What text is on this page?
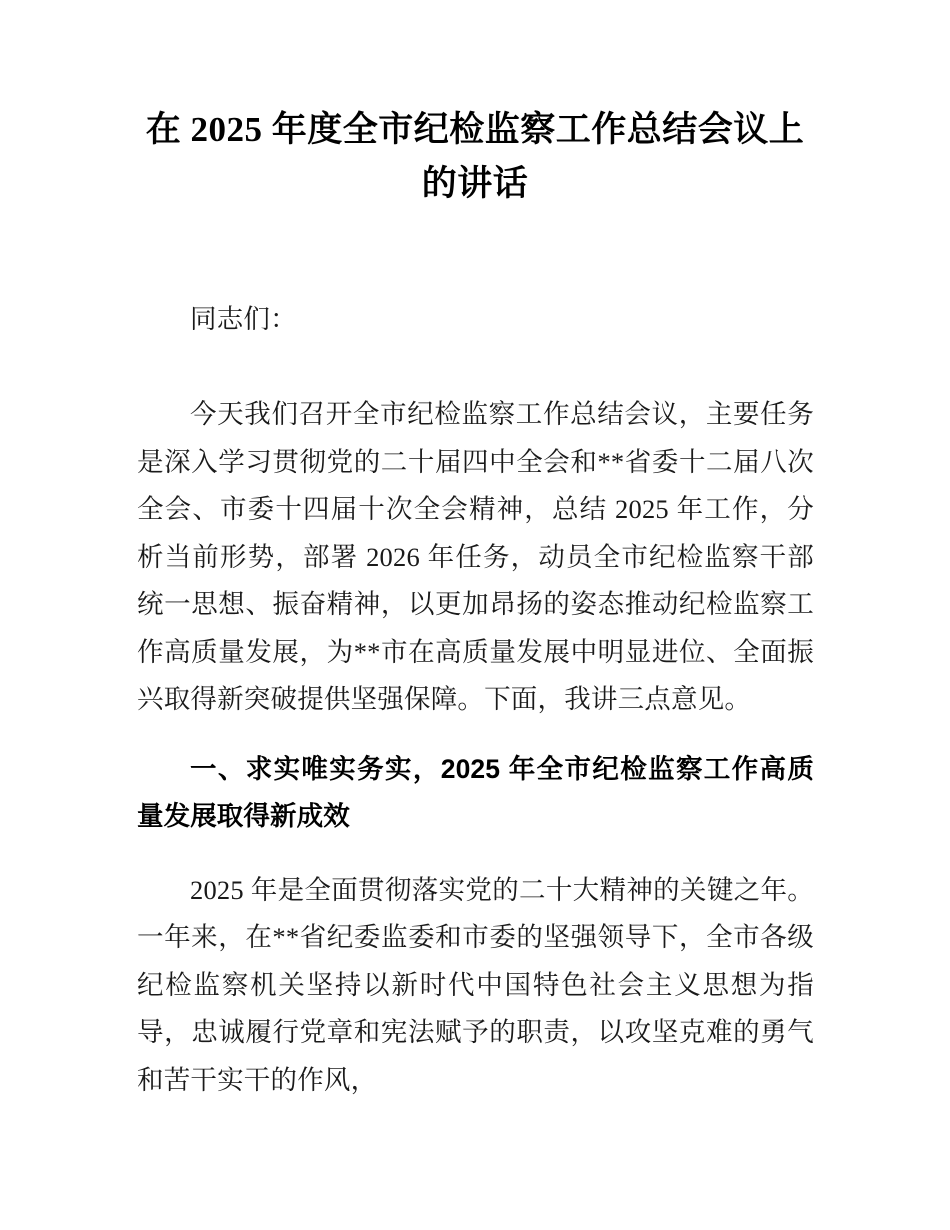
在 2025 年度全市纪检监察工作总结会议上的讲话

同志们：

今天我们召开全市纪检监察工作总结会议，主要任务是深入学习贯彻党的二十届四中全会和**省委十二届八次全会、市委十四届十次全会精神，总结 2025 年工作，分析当前形势，部署 2026 年任务，动员全市纪检监察干部统一思想、振奋精神，以更加昂扬的姿态推动纪检监察工作高质量发展，为**市在高质量发展中明显进位、全面振兴取得新突破提供坚强保障。下面，我讲三点意见。

一、求实唯实务实，2025 年全市纪检监察工作高质量发展取得新成效

2025 年是全面贯彻落实党的二十大精神的关键之年。一年来，在**省纪委监委和市委的坚强领导下，全市各级纪检监察机关坚持以新时代中国特色社会主义思想为指导，忠诚履行党章和宪法赋予的职责，以攻坚克难的勇气和苦干实干的作风，
